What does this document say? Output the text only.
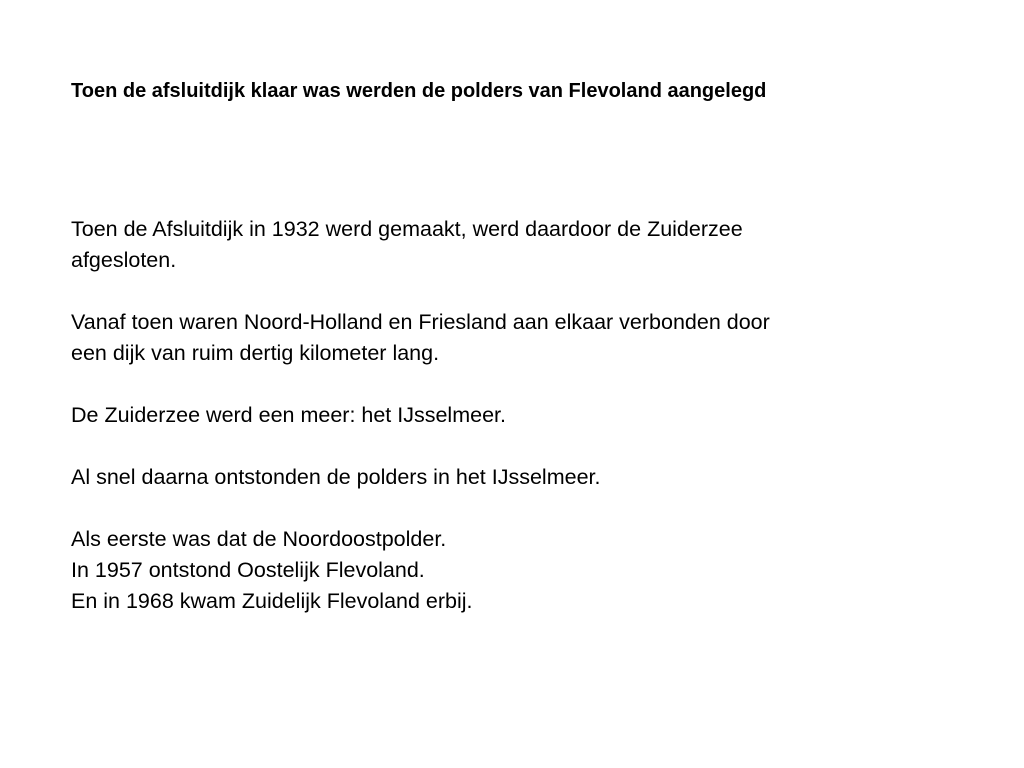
Toen de afsluitdijk klaar was werden de polders van Flevoland aangelegd

Toen de Afsluitdijk in 1932 werd gemaakt, werd daardoor de Zuiderzee
afgesloten.

Vanaf toen waren Noord-Holland en Friesland aan elkaar verbonden door
een dijk van ruim dertig kilometer lang.

De Zuiderzee werd een meer: het IJsselmeer.

Al snel daarna ontstonden de polders in het IJsselmeer.

Als eerste was dat de Noordoostpolder.
In 1957 ontstond Oostelijk Flevoland.
En in 1968 kwam Zuidelijk Flevoland erbij.
